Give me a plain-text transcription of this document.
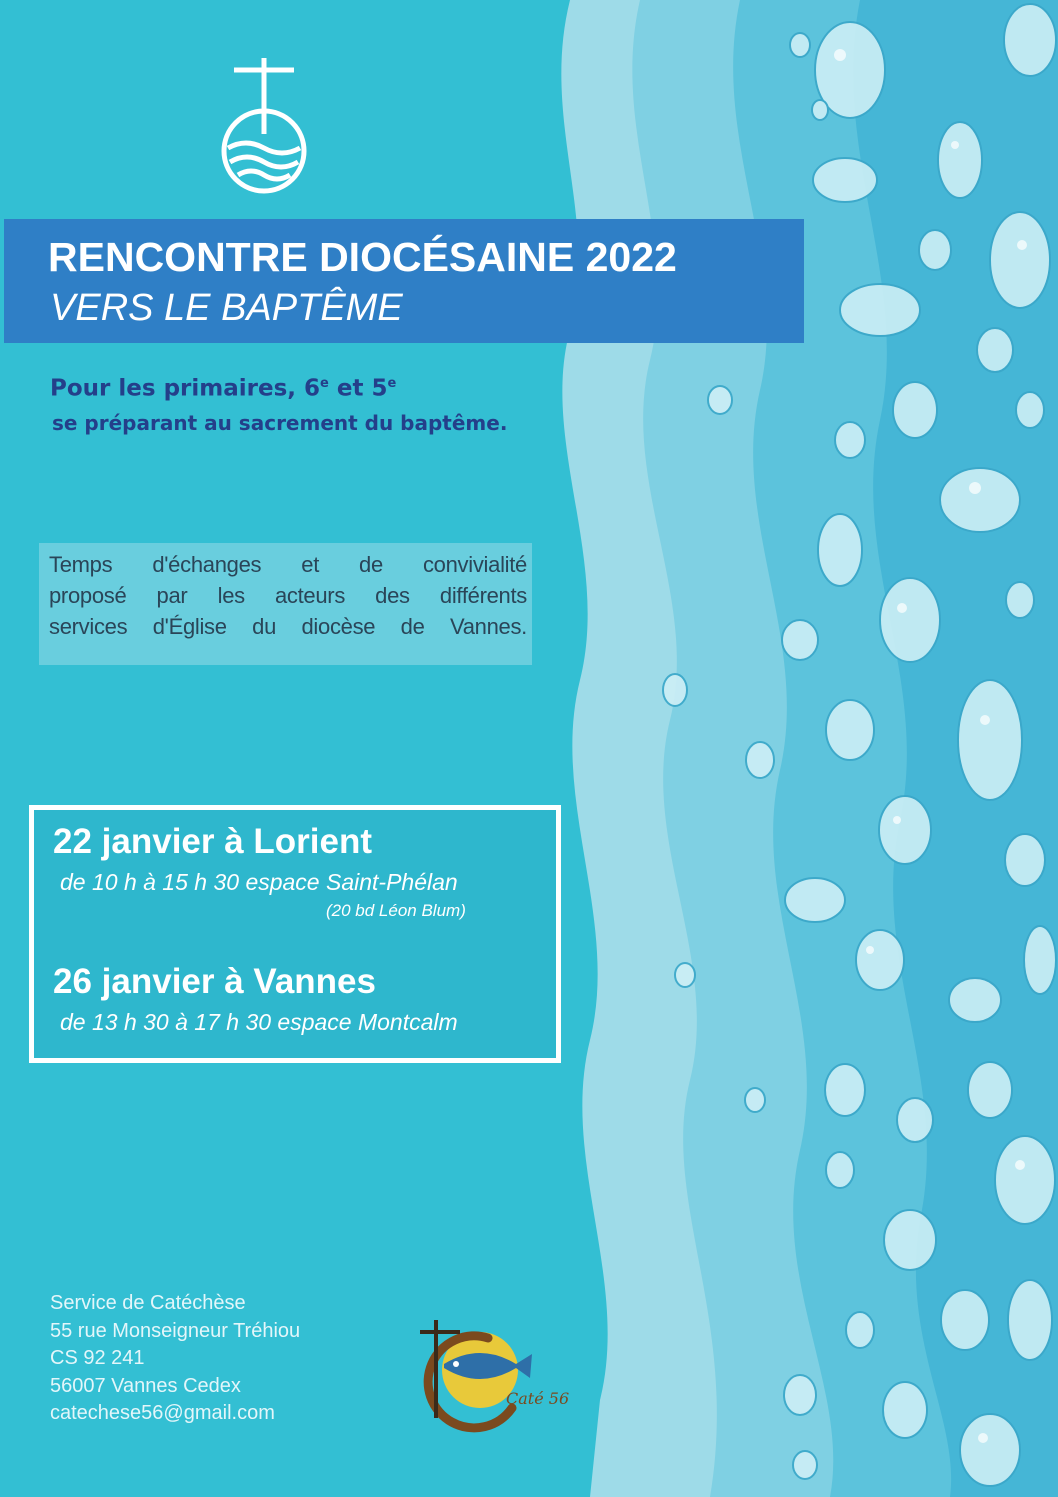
RENCONTRE DIOCÉSAINE 2022
VERS LE BAPTÊME
Pour les primaires, 6e et 5e
se préparant au sacrement du baptême.

Temps d'échanges et de convivialité
proposé par les acteurs des différents
services d'Église du diocèse de Vannes.

22 janvier à Lorient

de 10 h à 15 h 30 espace Saint-Phélan

(20 bd Léon Blum)

26 janvier à Vannes

de 13 h 30 à 17 h 30 espace Montcalm

Service de Catéchèse
55 rue Monseigneur Tréhiou
CS 92 241
56007 Vannes Cedex
catechese56@gmail.com

Caté 56
